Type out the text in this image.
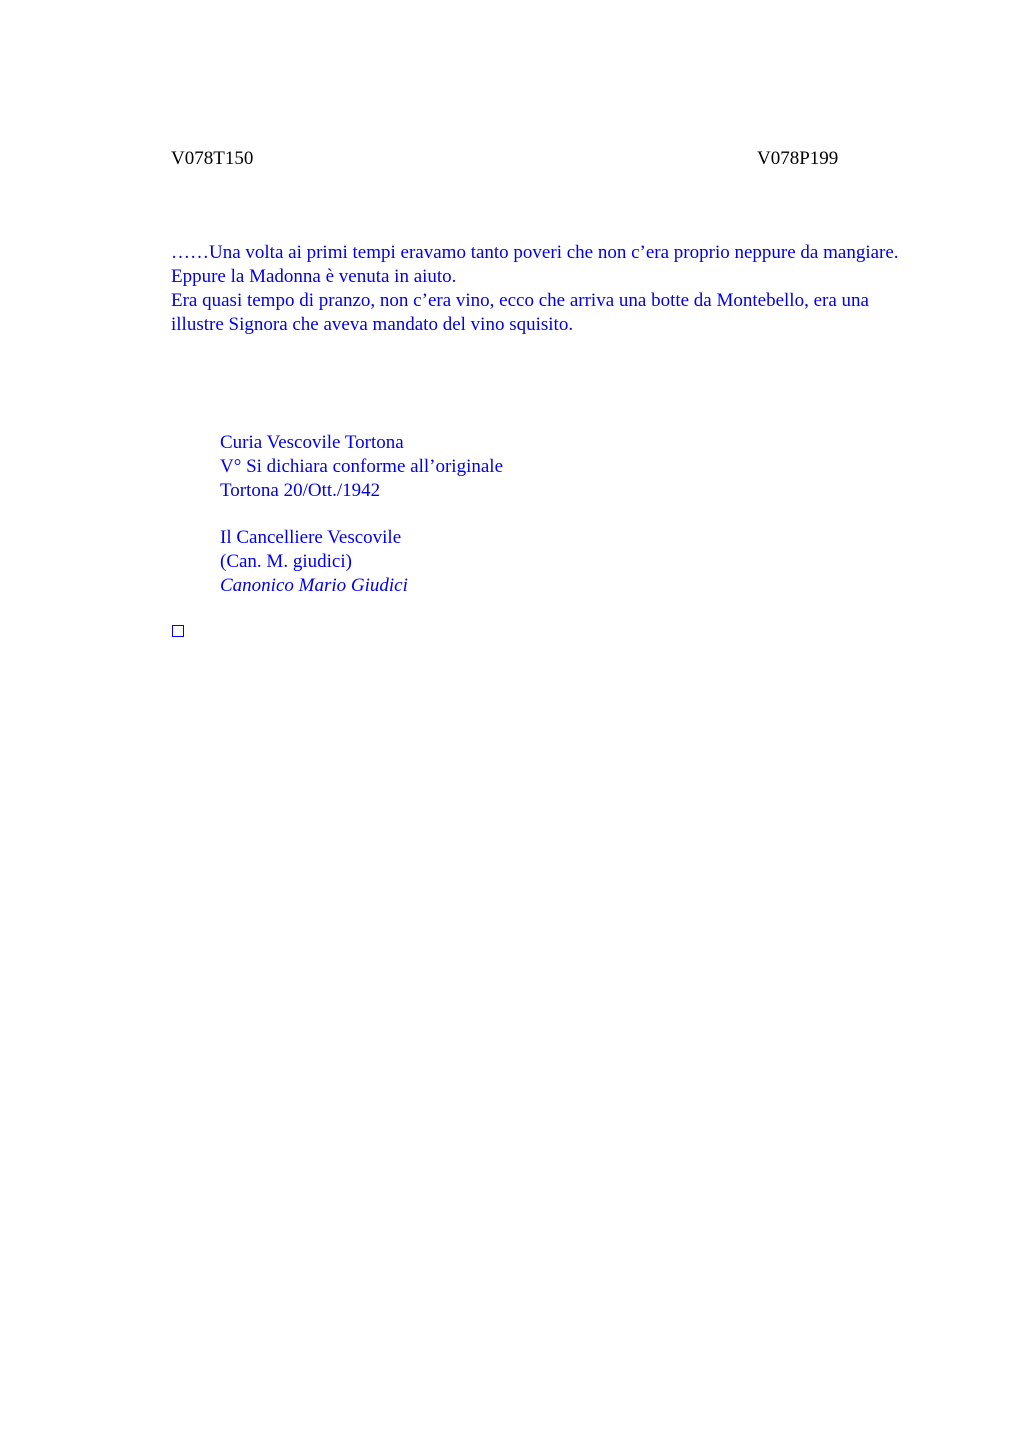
V078T150	V078P199

……Una volta ai primi tempi eravamo tanto poveri che non c’era proprio neppure da mangiare. Eppure la Madonna è venuta in aiuto.

Era quasi tempo di pranzo, non c’era vino, ecco che arriva una botte da Montebello, era una illustre Signora che aveva mandato del vino squisito.

Curia Vescovile Tortona
V° Si dichiara conforme all’originale
Tortona 20/Ott./1942
Il Cancelliere Vescovile
(Can. M. giudici)
Canonico Mario Giudici
